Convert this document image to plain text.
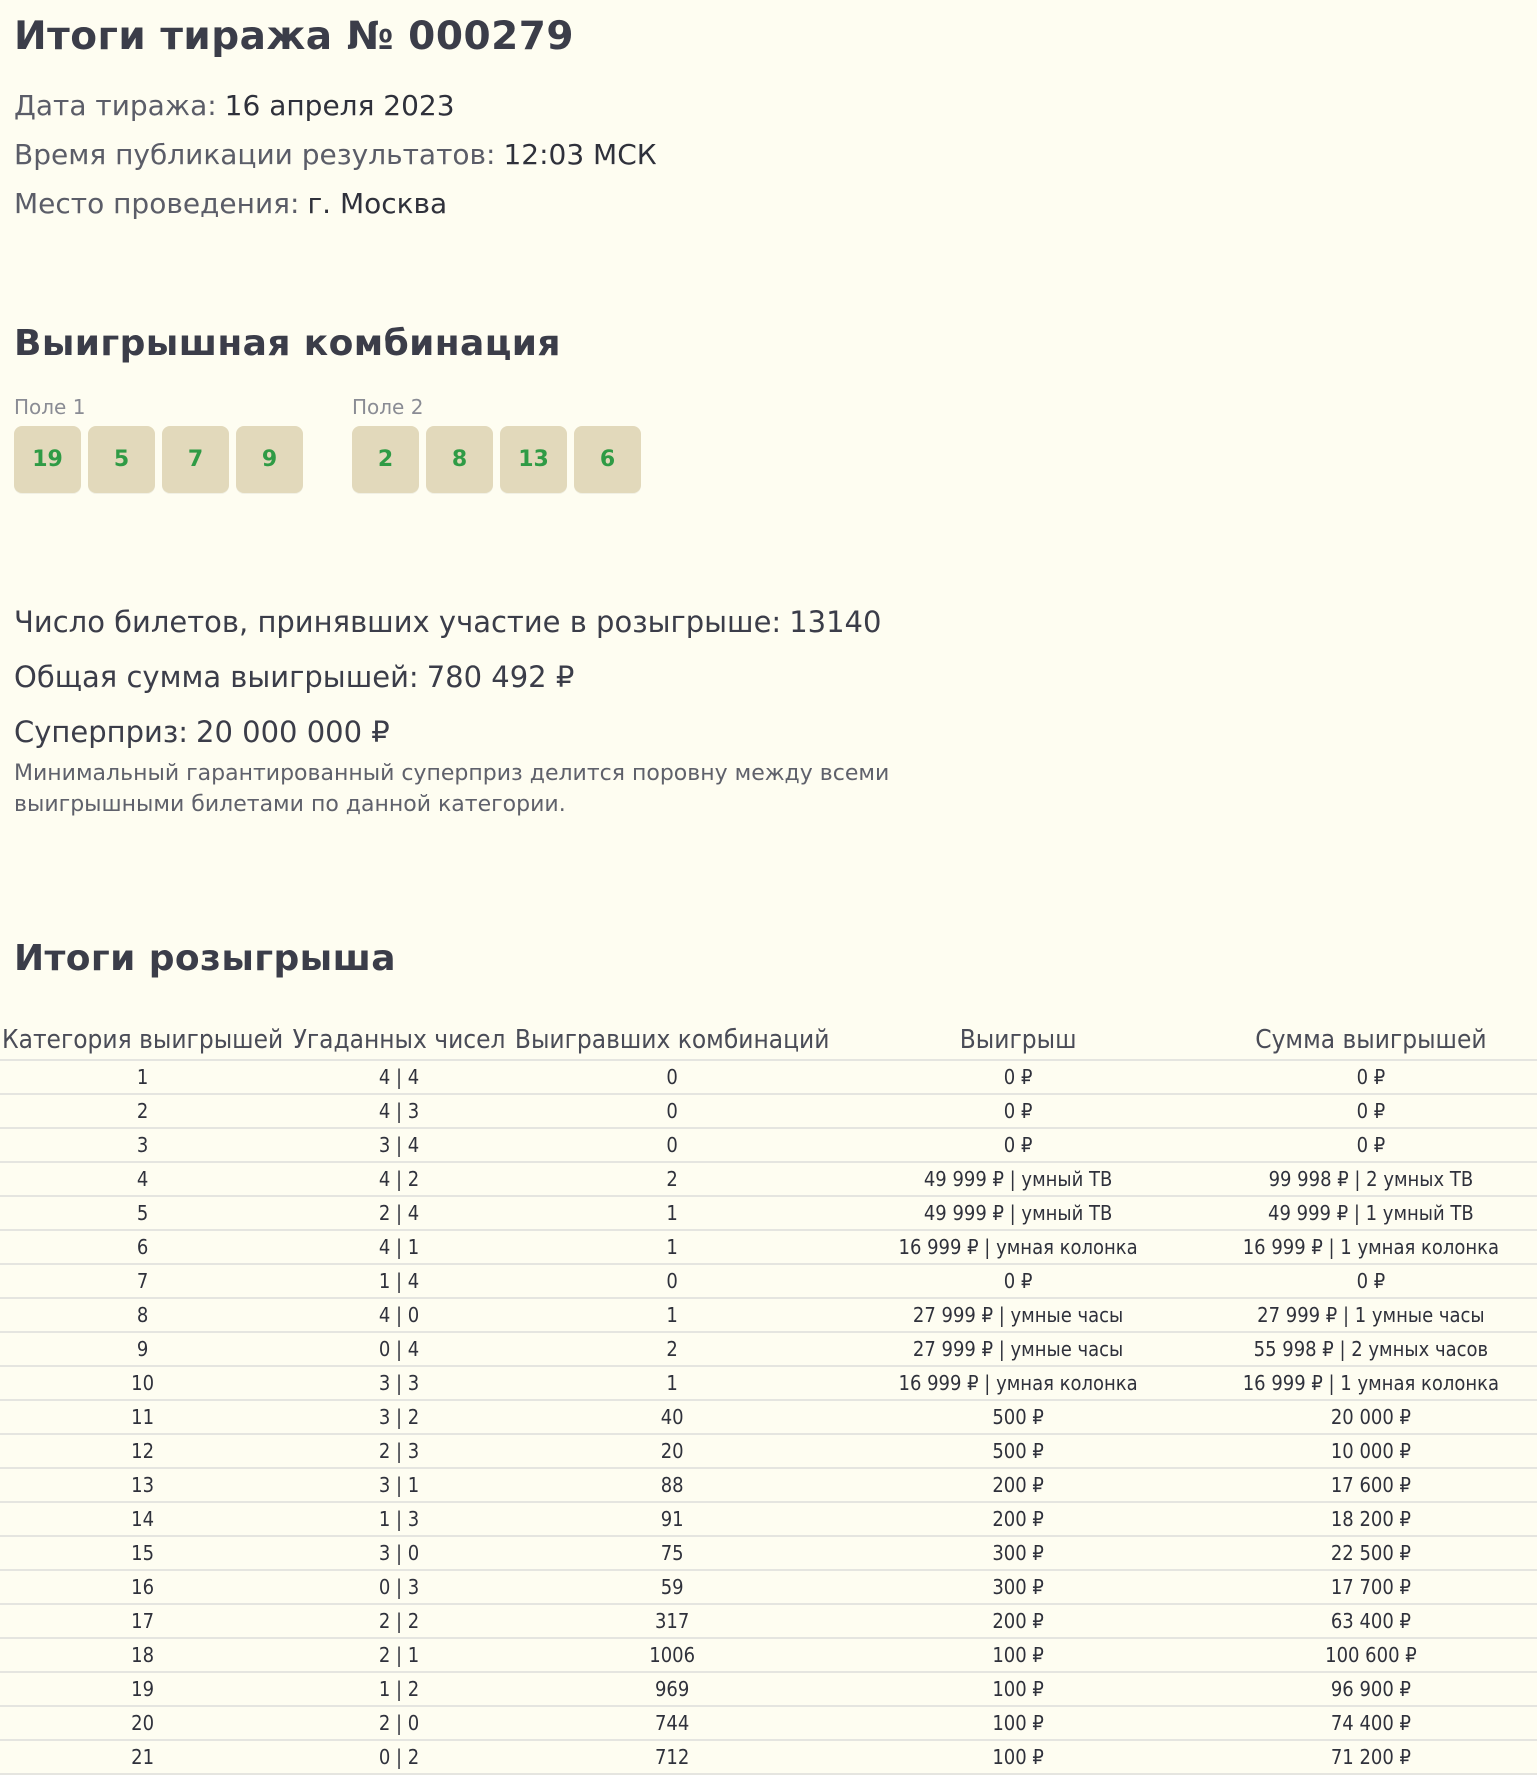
Итоги тиража № 000279
Дата тиража: 16 апреля 2023
Время публикации результатов: 12:03 МСК
Место проведения: г. Москва
Выигрышная комбинация
Поле 1	Поле 2
19	5	7	9	2	8	13	6
Число билетов, принявших участие в розыгрыше: 13140
Общая сумма выигрышей: 780 492 ₽
Суперприз: 20 000 000 ₽
Минимальный гарантированный суперприз делится поровну между всеми выигрышными билетами по данной категории.
Итоги розыгрыша
Категория выигрышей	Угаданных чисел	Выигравших комбинаций	Выигрыш	Сумма выигрышей
1	4 | 4	0	0 ₽	0 ₽
2	4 | 3	0	0 ₽	0 ₽
3	3 | 4	0	0 ₽	0 ₽
4	4 | 2	2	49 999 ₽ | умный ТВ	99 998 ₽ | 2 умных ТВ
5	2 | 4	1	49 999 ₽ | умный ТВ	49 999 ₽ | 1 умный ТВ
6	4 | 1	1	16 999 ₽ | умная колонка	16 999 ₽ | 1 умная колонка
7	1 | 4	0	0 ₽	0 ₽
8	4 | 0	1	27 999 ₽ | умные часы	27 999 ₽ | 1 умные часы
9	0 | 4	2	27 999 ₽ | умные часы	55 998 ₽ | 2 умных часов
10	3 | 3	1	16 999 ₽ | умная колонка	16 999 ₽ | 1 умная колонка
11	3 | 2	40	500 ₽	20 000 ₽
12	2 | 3	20	500 ₽	10 000 ₽
13	3 | 1	88	200 ₽	17 600 ₽
14	1 | 3	91	200 ₽	18 200 ₽
15	3 | 0	75	300 ₽	22 500 ₽
16	0 | 3	59	300 ₽	17 700 ₽
17	2 | 2	317	200 ₽	63 400 ₽
18	2 | 1	1006	100 ₽	100 600 ₽
19	1 | 2	969	100 ₽	96 900 ₽
20	2 | 0	744	100 ₽	74 400 ₽
21	0 | 2	712	100 ₽	71 200 ₽
